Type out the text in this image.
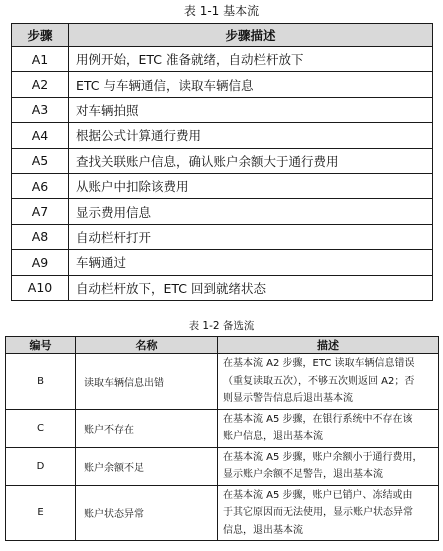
表 1-1 基本流
步骤	步骤描述
A1	用例开始，ETC 准备就绪，自动栏杆放下
A2	ETC 与车辆通信，读取车辆信息
A3	对车辆拍照
A4	根据公式计算通行费用
A5	查找关联账户信息，确认账户余额大于通行费用
A6	从账户中扣除该费用
A7	显示费用信息
A8	自动栏杆打开
A9	车辆通过
A10	自动栏杆放下，ETC 回到就绪状态
表 1-2 备选流
编号	名称	描述
B	读取车辆信息出错	在基本流 A2 步骤，ETC 读取车辆信息错误
（重复读取五次），不够五次则返回 A2；否
则显示警告信息后退出基本流

C	账户不存在	在基本流 A5 步骤，在银行系统中不存在该
账户信息，退出基本流

D	账户余额不足	在基本流 A5 步骤，账户余额小于通行费用，
显示账户余额不足警告，退出基本流

E	账户状态异常	在基本流 A5 步骤，账户已销户、冻结或由
于其它原因而无法使用，显示账户状态异常
信息，退出基本流
